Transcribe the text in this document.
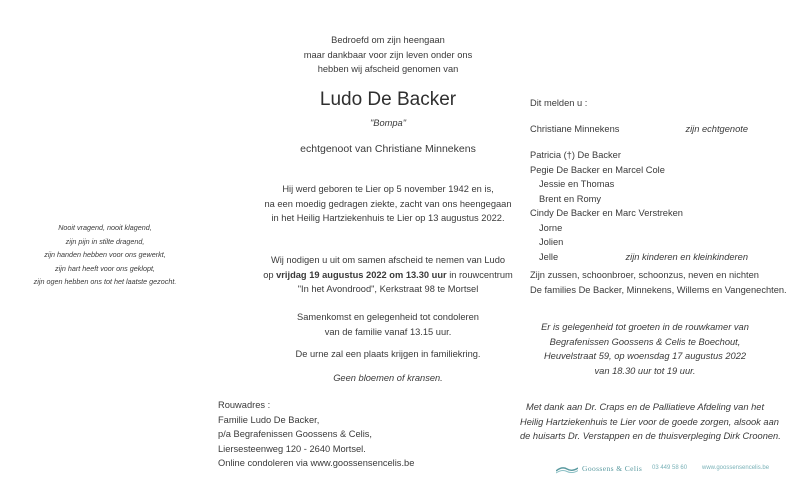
Nooit vragend, nooit klagend,
zijn pijn in stilte dragend,
zijn handen hebben voor ons gewerkt,
zijn hart heeft voor ons geklopt,
zijn ogen hebben ons tot het laatste gezocht.
Bedroefd om zijn heengaan
maar dankbaar voor zijn leven onder ons
hebben wij afscheid genomen van
Ludo De Backer
"Bompa"
echtgenoot van Christiane Minnekens
Hij werd geboren te Lier op 5 november 1942 en is,
na een moedig gedragen ziekte, zacht van ons heengegaan
in het Heilig Hartziekenhuis te Lier op 13 augustus 2022.
Wij nodigen u uit om samen afscheid te nemen van Ludo
op vrijdag 19 augustus 2022 om 13.30 uur in rouwcentrum
"In het Avondrood", Kerkstraat 98 te Mortsel
Samenkomst en gelegenheid tot condoleren
van de familie vanaf 13.15 uur.
De urne zal een plaats krijgen in familiekring.
Geen bloemen of kransen.
Rouwadres :
Familie Ludo De Backer,
p/a Begrafenissen Goossens & Celis,
Liersesteenweg 120 - 2640 Mortsel.
Online condoleren via www.goossensencelis.be
Dit melden u :
Christiane Minnekens	zijn echtgenote
Patricia (†) De Backer
Pegie De Backer en Marcel Cole
Jessie en Thomas
Brent en Romy
Cindy De Backer en Marc Verstreken
Jorne
Jolien
Jelle	zijn kinderen en kleinkinderen
Zijn zussen, schoonbroer, schoonzus, neven en nichten
De families De Backer, Minnekens, Willems en Vangenechten.
Er is gelegenheid tot groeten in de rouwkamer van
Begrafenissen Goossens & Celis te Boechout,
Heuvelstraat 59, op woensdag 17 augustus 2022
van 18.30 uur tot 19 uur.
Met dank aan Dr. Craps en de Palliatieve Afdeling van het
Heilig Hartziekenhuis te Lier voor de goede zorgen, alsook aan
de huisarts Dr. Verstappen en de thuisverpleging Dirk Croonen.
Goossens & Celis 03 449 58 60 www.goossensencelis.be
